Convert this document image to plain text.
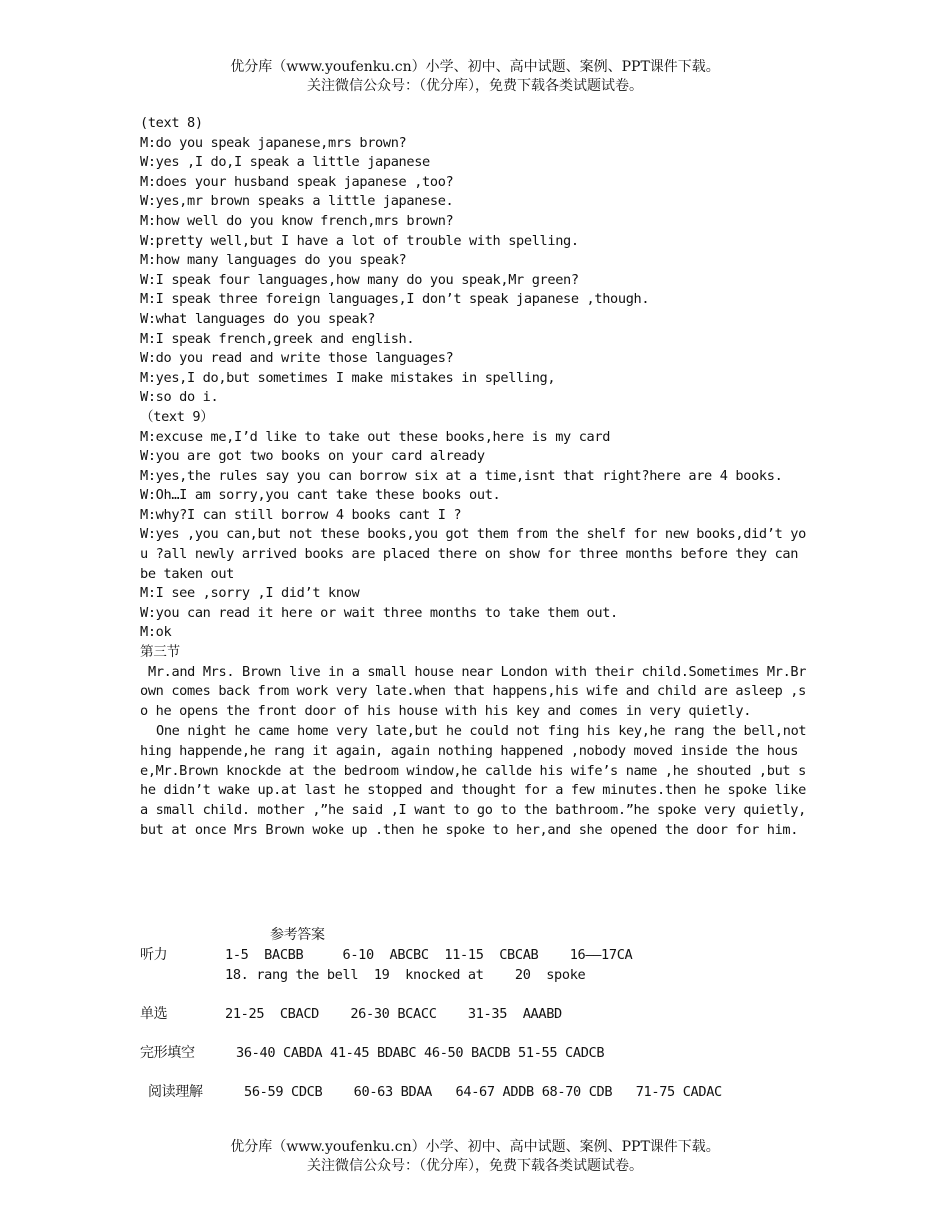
优分库（www.youfenku.cn）小学、初中、高中试题、案例、PPT课件下载。
关注微信公众号：（优分库），免费下载各类试题试卷。
(text 8)
M:do you speak japanese,mrs brown?
W:yes ,I do,I speak a little japanese
M:does your husband speak japanese ,too?
W:yes,mr brown speaks a little japanese.
M:how well do you know french,mrs brown?
W:pretty well,but I have a lot of trouble with spelling.
M:how many languages do you speak?
W:I speak four languages,how many do you speak,Mr green?
M:I speak three foreign languages,I don’t speak japanese ,though.
W:what languages do you speak?
M:I speak french,greek and english.
W:do you read and write those languages?
M:yes,I do,but sometimes I make mistakes in spelling,
W:so do i.
（text 9）
M:excuse me,I’d like to take out these books,here is my card
W:you are got two books on your card already
M:yes,the rules say you can borrow six at a time,isnt that right?here are 4 books.
W:Oh…I am sorry,you cant take these books out.
M:why?I can still borrow 4 books cant I ?
W:yes ,you can,but not these books,you got them from the shelf for new books,did’t you ?all newly arrived books are placed there on show for three months before they can be taken out
M:I see ,sorry ,I did’t know
W:you can read it here or wait three months to take them out.
M:ok
第三节
Mr.and Mrs. Brown live in a small house near London with their child.Sometimes Mr.Brown comes back from work very late.when that happens,his wife and child are asleep ,so he opens the front door of his house with his key and comes in very quietly.
One night he came home very late,but he could not fing his key,he rang the bell,nothing happende,he rang it again, again nothing happened ,nobody moved inside the house,Mr.Brown knockde at the bedroom window,he callde his wife’s name ,he shouted ,but she didn’t wake up.at last he stopped and thought for a few minutes.then he spoke like a small child. mother ,”he said ,I want to go to the bathroom.”he spoke very quietly,but at once Mrs Brown woke up .then he spoke to her,and she opened the door for him.
参考答案
听力	1-5  BACBB     6-10  ABCBC  11-15  CBCAB    16——17CA
18. rang the bell  19  knocked at    20  spoke
单选	21-25  CBACD    26-30 BCACC    31-35  AAABD
完形填空	36-40 CABDA 41-45 BDABC 46-50 BACDB 51-55 CADCB
阅读理解	56-59 CDCB    60-63 BDAA   64-67 ADDB 68-70 CDB   71-75 CADAC
优分库（www.youfenku.cn）小学、初中、高中试题、案例、PPT课件下载。
关注微信公众号：（优分库），免费下载各类试题试卷。
